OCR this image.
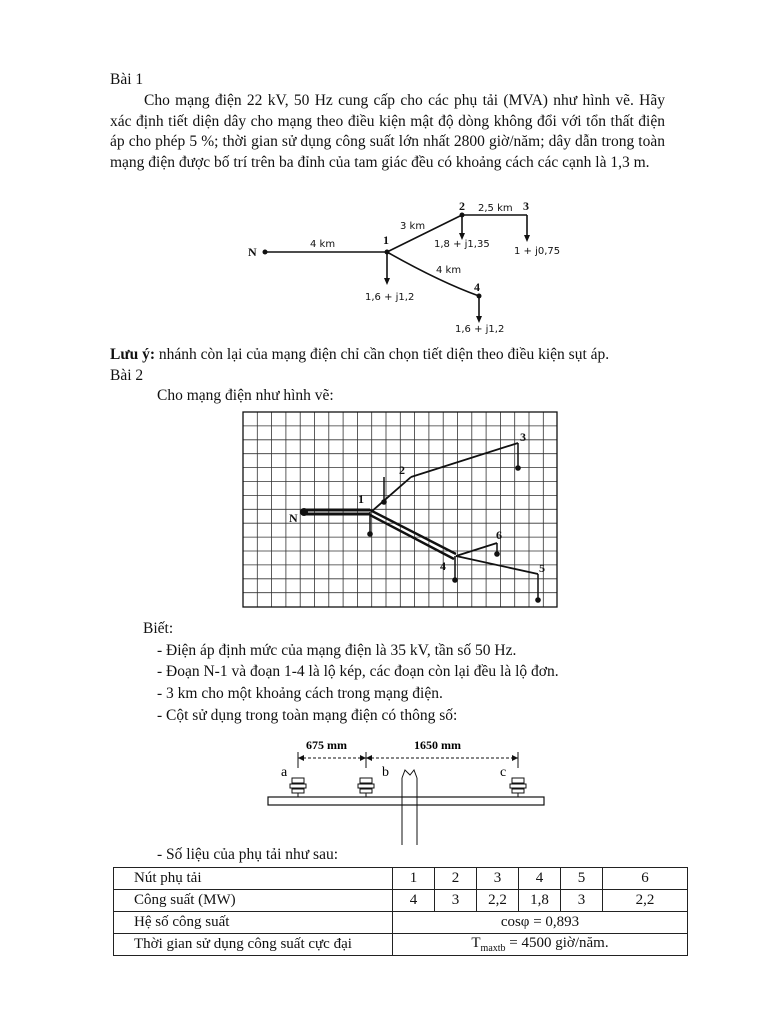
Bài 1
Cho mạng điện 22 kV, 50 Hz cung cấp cho các phụ tải (MVA) như hình vẽ. Hãy xác định tiết diện dây cho mạng theo điều kiện mật độ dòng không đổi với tổn thất điện áp cho phép 5 %; thời gian sử dụng công suất lớn nhất 2800 giờ/năm; dây dẫn trong toàn mạng điện được bố trí trên ba đỉnh của tam giác đều có khoảng cách các cạnh là 1,3 m.
N
1
2	3
4
4 km
3 km
2,5 km
4 km
1,8 + j1,35
1 + j0,75
1,6 + j1,2
1,6 + j1,2
Lưu ý: nhánh còn lại của mạng điện chỉ cần chọn tiết diện theo điều kiện sụt áp.
Bài 2
Cho mạng điện như hình vẽ:
N
1
2
3
4	5
6
Biết:
- Điện áp định mức của mạng điện là 35 kV, tần số 50 Hz.
- Đoạn N-1 và đoạn 1-4 là lộ kép, các đoạn còn lại đều là lộ đơn.
- 3 km cho một khoảng cách trong mạng điện.
- Cột sử dụng trong toàn mạng điện có thông số:
675 mm	1650 mm
a	b	c
- Số liệu của phụ tải như sau:
Nút phụ tải	1	2	3	4	5	6
Công suất (MW)	4	3	2,2	1,8	3	2,2
Hệ số công suất	cosφ = 0,893					
Thời gian sử dụng công suất cực đại	$T_{maxtb} = 4500$ giờ/năm.					
